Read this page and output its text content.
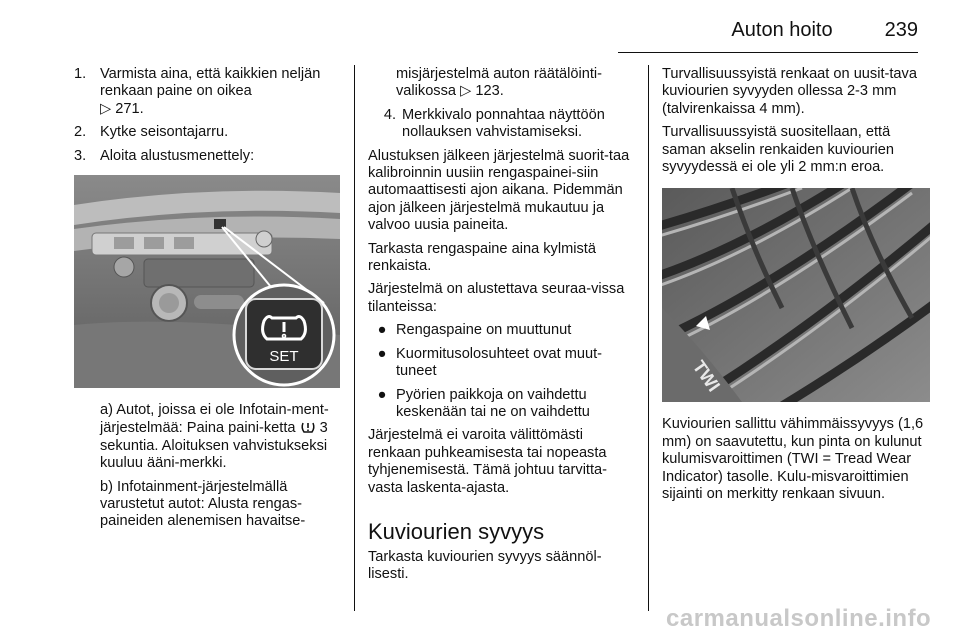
Auton hoito	239
1. Varmista aina, että kaikkien neljän renkaan paine on oikea
▷ 271.
2. Kytke seisontajarru.
3. Aloita alustusmenettely:
SET

a) Autot, joissa ei ole Infotain-ment-järjestelmää: Paina paini-ketta 3 sekuntia. Aloituksen vahvistukseksi kuuluu ääni-merkki.

b) Infotainment-järjestelmällä varustetut autot: Alusta rengas-paineiden alenemisen havaitse-

misjärjestelmä auton räätälöinti-valikossa ▷ 123.

4. Merkkivalo ponnahtaa näyttöön nollauksen vahvistamiseksi.

Alustuksen jälkeen järjestelmä suorit-taa kalibroinnin uusiin rengaspainei-siin automaattisesti ajon aikana. Pidemmän ajon jälkeen järjestelmä mukautuu ja valvoo uusia paineita.

Tarkasta rengaspaine aina kylmistä renkaista.

Järjestelmä on alustettava seuraa-vissa tilanteissa:

● Rengaspaine on muuttunut
● Kuormitusolosuhteet ovat muut-tuneet
● Pyörien paikkoja on vaihdettu keskenään tai ne on vaihdettu

Järjestelmä ei varoita välittömästi renkaan puhkeamisesta tai nopeasta tyhjenemisestä. Tämä johtuu tarvitta-vasta laskenta-ajasta.

Kuviourien syvyys

Tarkasta kuviourien syvyys säännöl-lisesti.

Turvallisuussyistä renkaat on uusit-tava kuviourien syvyyden ollessa 2-3 mm (talvirenkaissa 4 mm).

Turvallisuussyistä suositellaan, että saman akselin renkaiden kuviourien syvyydessä ei ole yli 2 mm:n eroa.

TWI

Kuviourien sallittu vähimmäissyvyys (1,6 mm) on saavutettu, kun pinta on kulunut kulumisvaroittimen (TWI = Tread Wear Indicator) tasolle. Kulu-misvaroittimien sijainti on merkitty renkaan sivuun.

carmanualsonline.info
